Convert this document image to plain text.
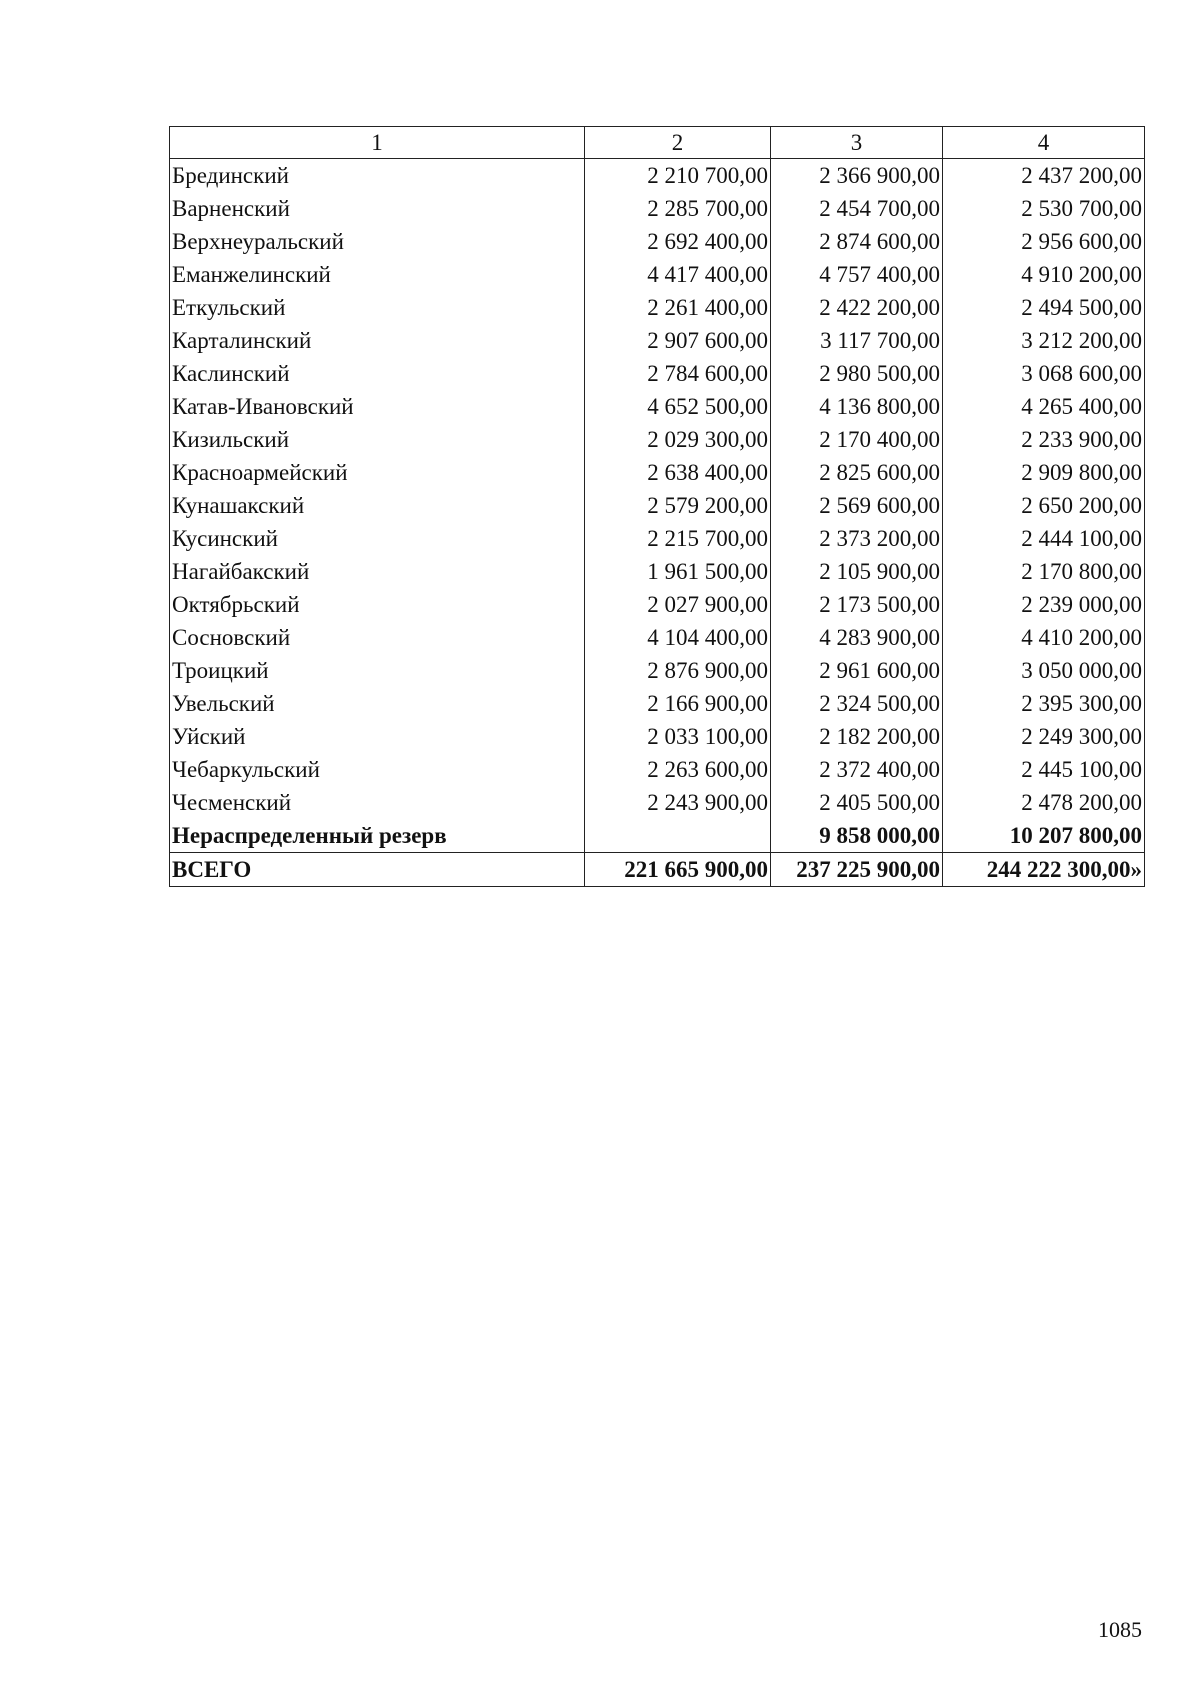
1	2	3	4
Брединский	2 210 700,00	2 366 900,00	2 437 200,00
Варненский	2 285 700,00	2 454 700,00	2 530 700,00
Верхнеуральский	2 692 400,00	2 874 600,00	2 956 600,00
Еманжелинский	4 417 400,00	4 757 400,00	4 910 200,00
Еткульский	2 261 400,00	2 422 200,00	2 494 500,00
Карталинский	2 907 600,00	3 117 700,00	3 212 200,00
Каслинский	2 784 600,00	2 980 500,00	3 068 600,00
Катав-Ивановский	4 652 500,00	4 136 800,00	4 265 400,00
Кизильский	2 029 300,00	2 170 400,00	2 233 900,00
Красноармейский	2 638 400,00	2 825 600,00	2 909 800,00
Кунашакский	2 579 200,00	2 569 600,00	2 650 200,00
Кусинский	2 215 700,00	2 373 200,00	2 444 100,00
Нагайбакский	1 961 500,00	2 105 900,00	2 170 800,00
Октябрьский	2 027 900,00	2 173 500,00	2 239 000,00
Сосновский	4 104 400,00	4 283 900,00	4 410 200,00
Троицкий	2 876 900,00	2 961 600,00	3 050 000,00
Увельский	2 166 900,00	2 324 500,00	2 395 300,00
Уйский	2 033 100,00	2 182 200,00	2 249 300,00
Чебаркульский	2 263 600,00	2 372 400,00	2 445 100,00
Чесменский	2 243 900,00	2 405 500,00	2 478 200,00
Нераспределенный резерв		9 858 000,00	10 207 800,00
ВСЕГО	221 665 900,00	237 225 900,00	244 222 300,00»
1085
